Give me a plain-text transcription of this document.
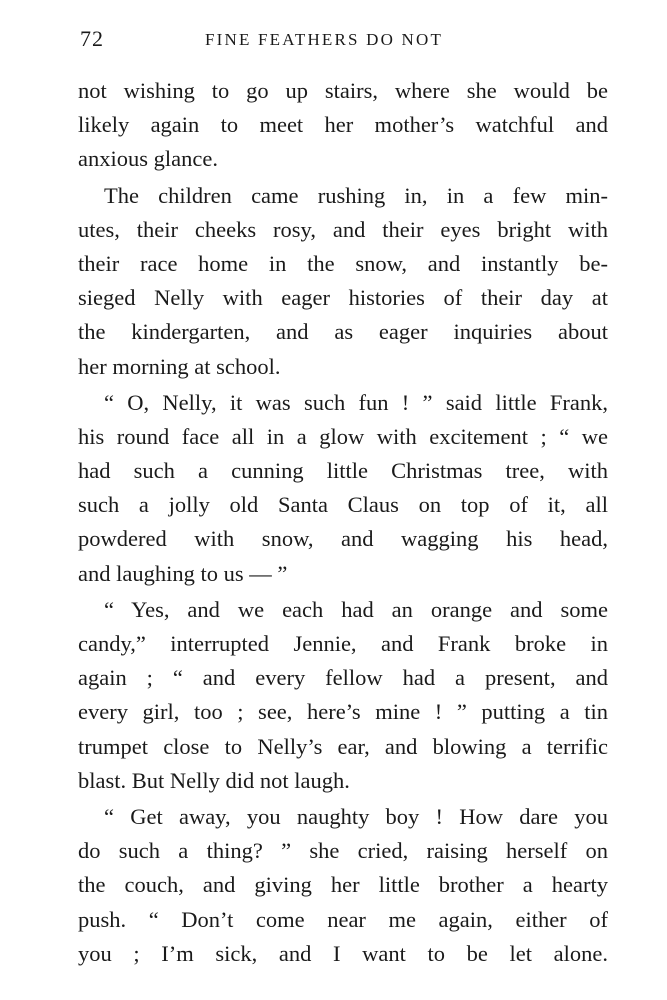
72	FINE FEATHERS DO NOT
not wishing to go up stairs, where she would be
likely again to meet her mother’s watchful and
anxious glance.
The children came rushing in, in a few min-
utes, their cheeks rosy, and their eyes bright with
their race home in the snow, and instantly be-
sieged Nelly with eager histories of their day at
the kindergarten, and as eager inquiries about
her morning at school.
“ O, Nelly, it was such fun ! ” said little Frank,
his round face all in a glow with excitement ; “ we
had such a cunning little Christmas tree, with
such a jolly old Santa Claus on top of it, all
powdered with snow, and wagging his head,
and laughing to us — ”
“ Yes, and we each had an orange and some
candy,” interrupted Jennie, and Frank broke in
again ; “ and every fellow had a present, and
every girl, too ; see, here’s mine ! ” putting a tin
trumpet close to Nelly’s ear, and blowing a terrific
blast. But Nelly did not laugh.
“ Get away, you naughty boy ! How dare you
do such a thing? ” she cried, raising herself on
the couch, and giving her little brother a hearty
push. “ Don’t come near me again, either of
you ; I’m sick, and I want to be let alone.
